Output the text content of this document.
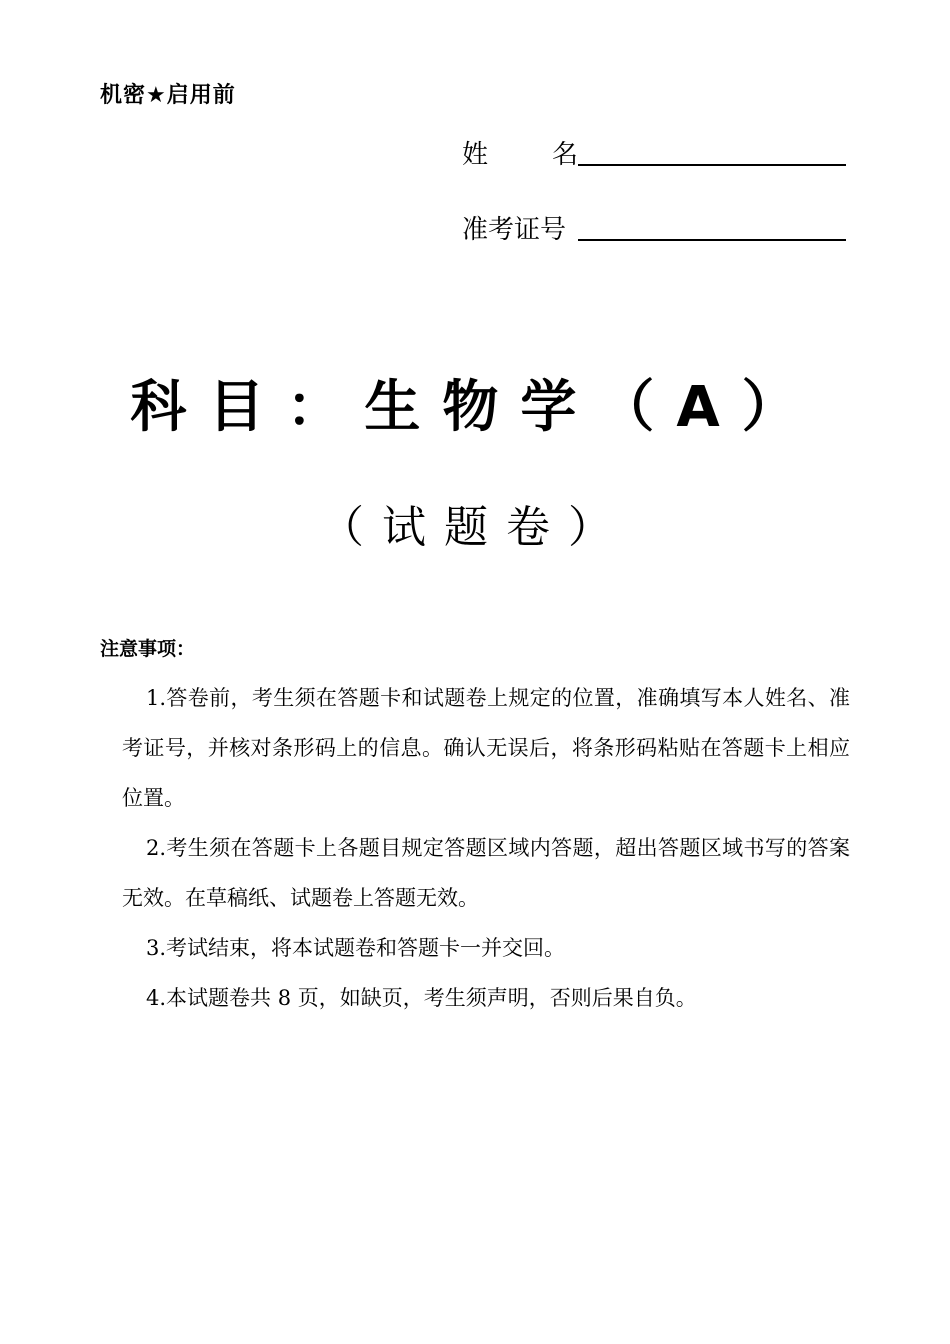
机密★启用前
姓名
准考证号
科目：生物学（A）
（试题卷）
注意事项：

1.答卷前，考生须在答题卡和试题卷上规定的位置，准确填写本人姓名、准考证号，并核对条形码上的信息。确认无误后，将条形码粘贴在答题卡上相应位置。

2.考生须在答题卡上各题目规定答题区域内答题，超出答题区域书写的答案无效。在草稿纸、试题卷上答题无效。

3.考试结束，将本试题卷和答题卡一并交回。

4.本试题卷共 8 页，如缺页，考生须声明，否则后果自负。
